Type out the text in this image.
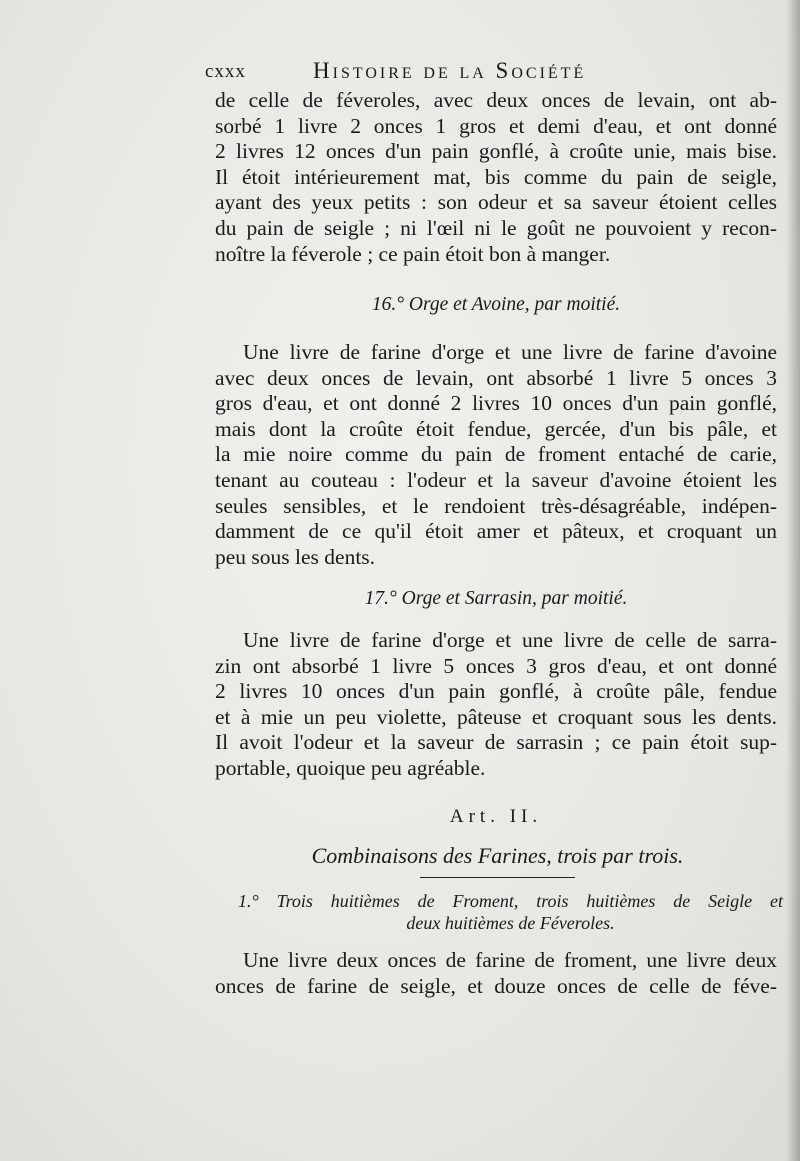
cxxx	Histoire de la Société
de celle de féveroles, avec deux onces de levain, ont ab-
sorbé 1 livre 2 onces 1 gros et demi d'eau, et ont donné
2 livres 12 onces d'un pain gonflé, à croûte unie, mais bise.
Il étoit intérieurement mat, bis comme du pain de seigle,
ayant des yeux petits : son odeur et sa saveur étoient celles
du pain de seigle ; ni l'œil ni le goût ne pouvoient y recon-
noître la féverole ; ce pain étoit bon à manger.
16.° Orge et Avoine, par moitié.
Une livre de farine d'orge et une livre de farine d'avoine
avec deux onces de levain, ont absorbé 1 livre 5 onces 3
gros d'eau, et ont donné 2 livres 10 onces d'un pain gonflé,
mais dont la croûte étoit fendue, gercée, d'un bis pâle, et
la mie noire comme du pain de froment entaché de carie,
tenant au couteau : l'odeur et la saveur d'avoine étoient les
seules sensibles, et le rendoient très-désagréable, indépen-
damment de ce qu'il étoit amer et pâteux, et croquant un
peu sous les dents.
17.° Orge et Sarrasin, par moitié.
Une livre de farine d'orge et une livre de celle de sarra-
zin ont absorbé 1 livre 5 onces 3 gros d'eau, et ont donné
2 livres 10 onces d'un pain gonflé, à croûte pâle, fendue
et à mie un peu violette, pâteuse et croquant sous les dents.
Il avoit l'odeur et la saveur de sarrasin ; ce pain étoit sup-
portable, quoique peu agréable.
Art. II.
Combinaisons des Farines, trois par trois.
1.° Trois huitièmes de Froment, trois huitièmes de Seigle et
deux huitièmes de Féveroles.
Une livre deux onces de farine de froment, une livre deux
onces de farine de seigle, et douze onces de celle de féve-
